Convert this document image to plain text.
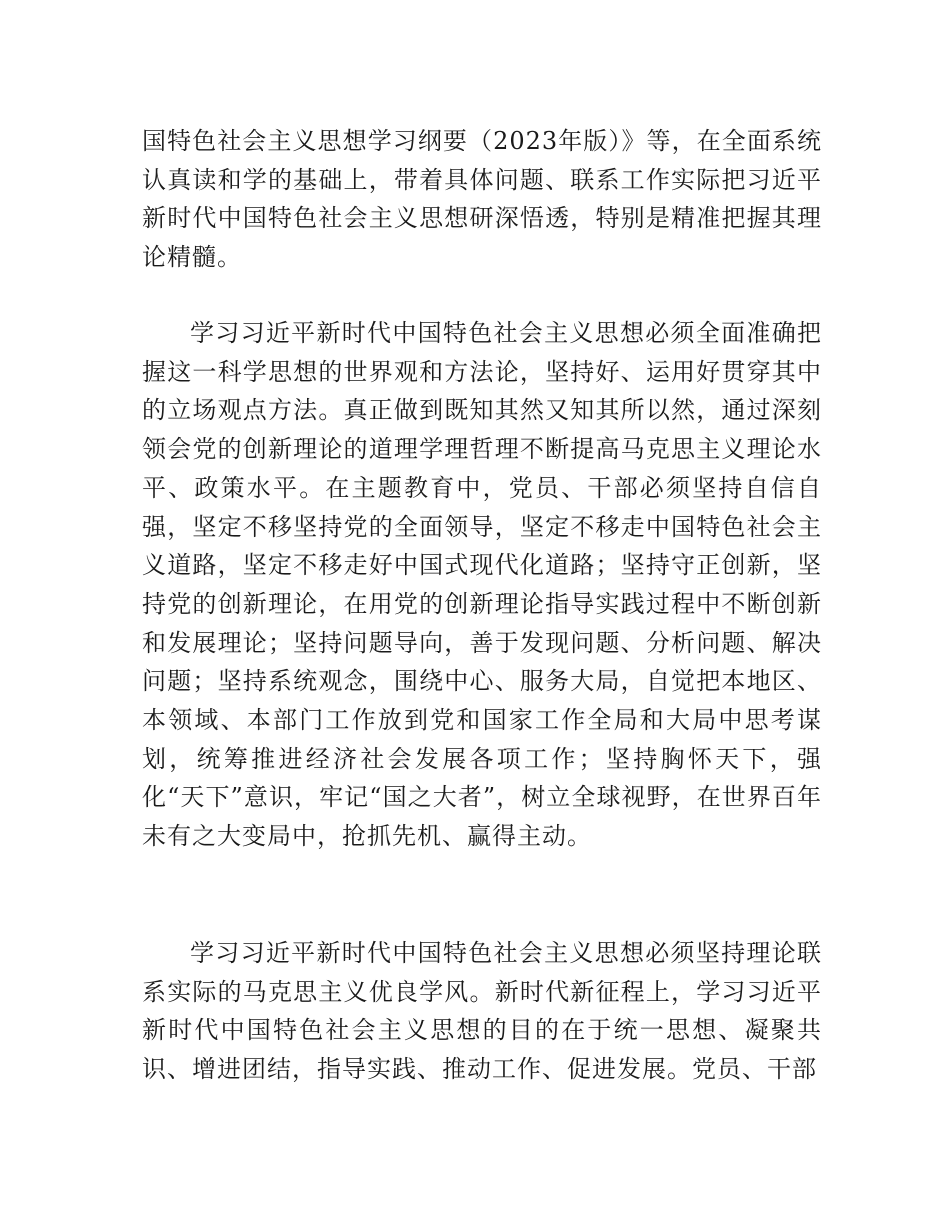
国特色社会主义思想学习纲要（2023年版）》等，在全面系统认真读和学的基础上，带着具体问题、联系工作实际把习近平新时代中国特色社会主义思想研深悟透，特别是精准把握其理论精髓。

学习习近平新时代中国特色社会主义思想必须全面准确把握这一科学思想的世界观和方法论，坚持好、运用好贯穿其中的立场观点方法。真正做到既知其然又知其所以然，通过深刻领会党的创新理论的道理学理哲理不断提高马克思主义理论水平、政策水平。在主题教育中，党员、干部必须坚持自信自强，坚定不移坚持党的全面领导，坚定不移走中国特色社会主义道路，坚定不移走好中国式现代化道路；坚持守正创新，坚持党的创新理论，在用党的创新理论指导实践过程中不断创新和发展理论；坚持问题导向，善于发现问题、分析问题、解决问题；坚持系统观念，围绕中心、服务大局，自觉把本地区、本领域、本部门工作放到党和国家工作全局和大局中思考谋划，统筹推进经济社会发展各项工作；坚持胸怀天下，强化“天下”意识，牢记“国之大者”，树立全球视野，在世界百年未有之大变局中，抢抓先机、赢得主动。

学习习近平新时代中国特色社会主义思想必须坚持理论联系实际的马克思主义优良学风。新时代新征程上，学习习近平新时代中国特色社会主义思想的目的在于统一思想、凝聚共识、增进团结，指导实践、推动工作、促进发展。党员、干部
